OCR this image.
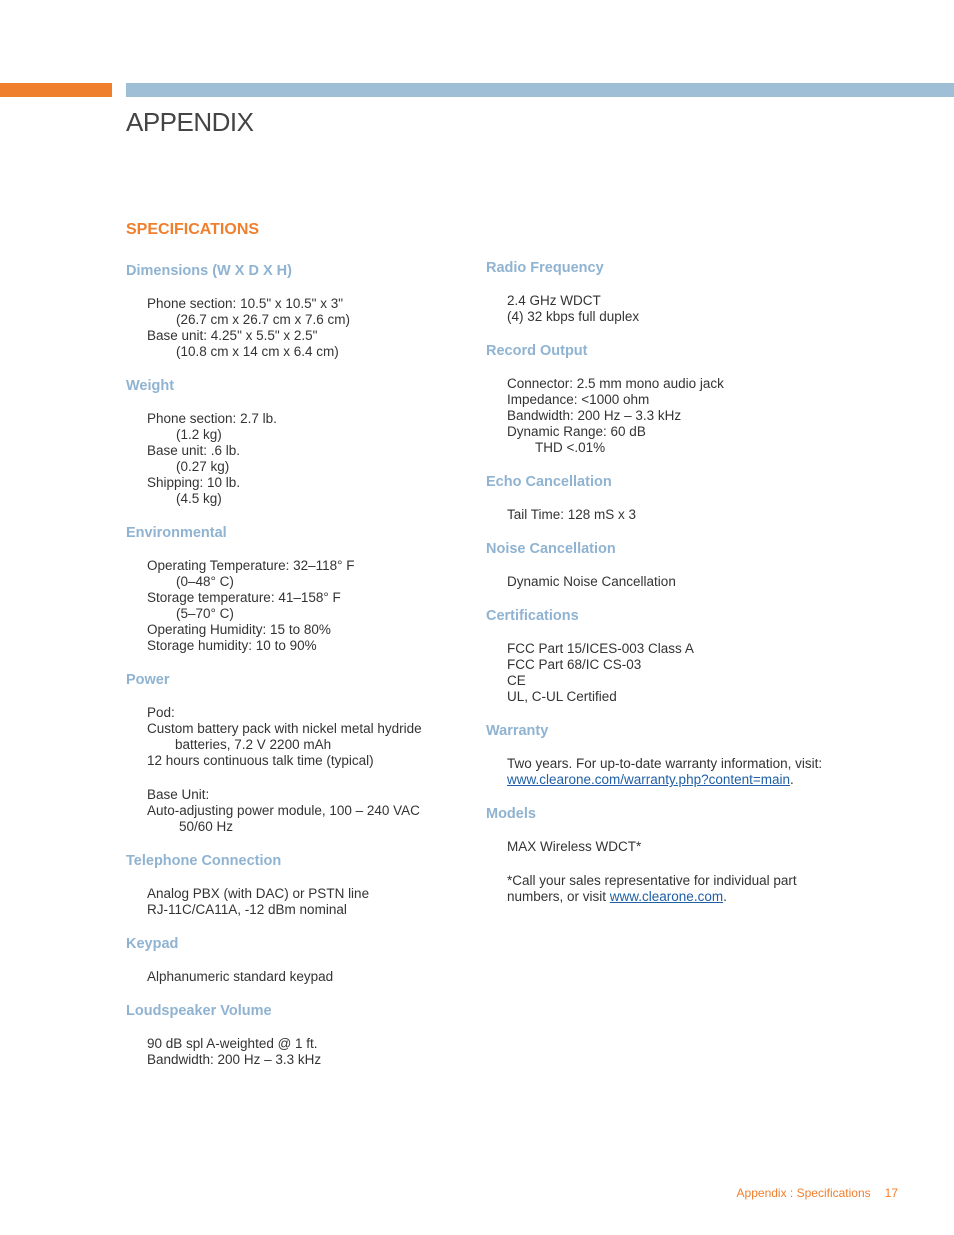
APPENDIX
SPECIFICATIONS
Dimensions (W X D X H)
Phone section: 10.5" x 10.5" x 3"
(26.7 cm x 26.7 cm x 7.6 cm)
Base unit: 4.25" x 5.5" x 2.5"
(10.8 cm x 14 cm x 6.4 cm)
Weight
Phone section: 2.7 lb.
(1.2 kg)
Base unit: .6 lb.
(0.27 kg)
Shipping: 10 lb.
(4.5 kg)
Environmental
Operating Temperature: 32–118° F
(0–48° C)
Storage temperature: 41–158° F
(5–70° C)
Operating Humidity: 15 to 80%
Storage humidity: 10 to 90%
Power
Pod:
Custom battery pack with nickel metal hydride
batteries, 7.2 V 2200 mAh
12 hours continuous talk time (typical)
Base Unit:
Auto-adjusting power module, 100 – 240 VAC
50/60 Hz
Telephone Connection
Analog PBX (with DAC) or PSTN line
RJ-11C/CA11A, -12 dBm nominal
Keypad
Alphanumeric standard keypad
Loudspeaker Volume
90 dB spl A-weighted @ 1 ft.
Bandwidth: 200 Hz – 3.3 kHz
Radio Frequency
2.4 GHz WDCT
(4) 32 kbps full duplex
Record Output
Connector: 2.5 mm mono audio jack
Impedance: <1000 ohm
Bandwidth: 200 Hz – 3.3 kHz
Dynamic Range: 60 dB
THD <.01%
Echo Cancellation
Tail Time: 128 mS x 3
Noise Cancellation
Dynamic Noise Cancellation
Certifications
FCC Part 15/ICES-003 Class A
FCC Part 68/IC CS-03
CE
UL, C-UL Certified
Warranty
Two years. For up-to-date warranty information, visit:
www.clearone.com/warranty.php?content=main.
Models
MAX Wireless WDCT*
*Call your sales representative for individual part
numbers, or visit www.clearone.com.
Appendix : Specifications 17
